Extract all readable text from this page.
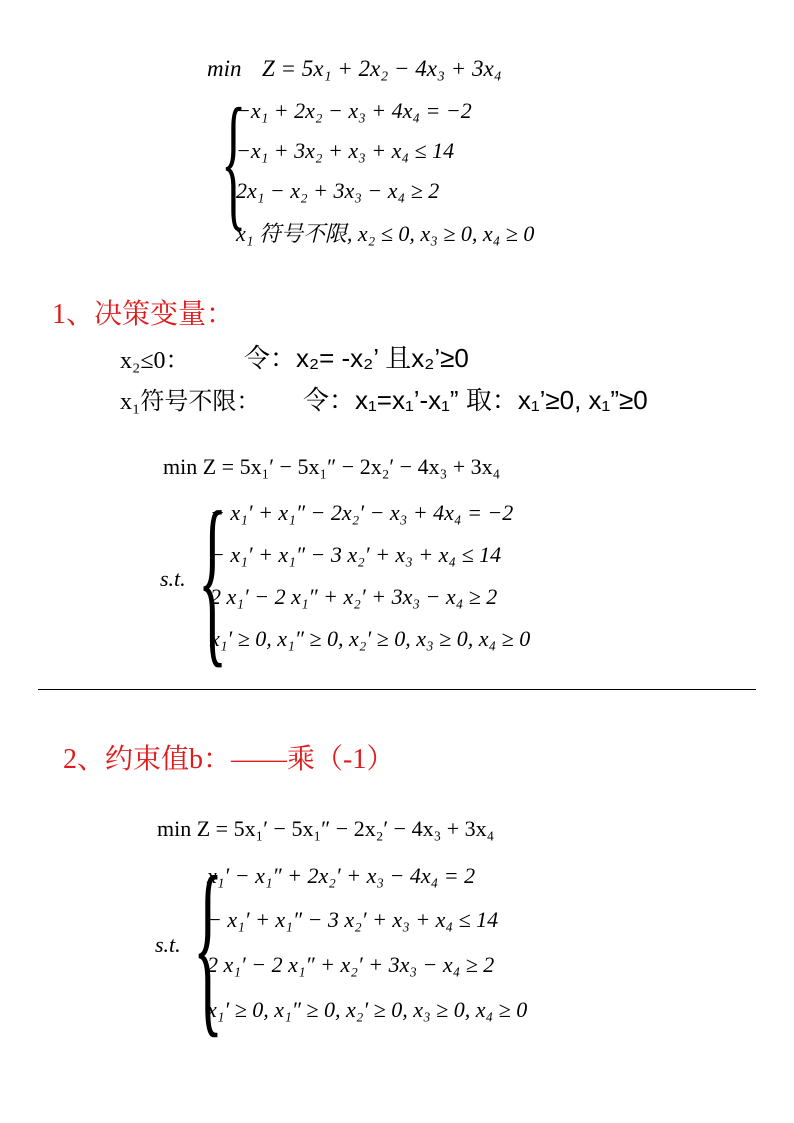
min Z = 5x₁ + 2x₂ − 4x₃ + 3x₄
{
−x₁ + 2x₂ − x₃ + 4x₄ = −2
−x₁ + 3x₂ + x₃ + x₄ ≤ 14
2x₁ − x₂ + 3x₃ − x₄ ≥ 2
x₁ 符号不限, x₂ ≤ 0, x₃ ≥ 0, x₄ ≥ 0
1、决策变量：
x₂≤0： 令：x₂= -x₂’ 且x₂’≥0
x₁符号不限： 令：x₁=x₁’-x₁” 取：x₁’≥0, x₁”≥0
min Z = 5x₁′ − 5x₁″ − 2x₂′ − 4x₃ + 3x₄
s.t. {
− x₁′ + x₁″ − 2x₂′ − x₃ + 4x₄ = −2
− x₁′ + x₁″ − 3 x₂′ + x₃ + x₄ ≤ 14
2 x₁′ − 2 x₁″ + x₂′ + 3x₃ − x₄ ≥ 2
x₁′ ≥ 0, x₁″ ≥ 0, x₂′ ≥ 0, x₃ ≥ 0, x₄ ≥ 0
2、约束值b：——乘（-1）
min Z = 5x₁′ − 5x₁″ − 2x₂′ − 4x₃ + 3x₄
s.t. {
x₁′ − x₁″ + 2x₂′ + x₃ − 4x₄ = 2
− x₁′ + x₁″ − 3 x₂′ + x₃ + x₄ ≤ 14
2 x₁′ − 2 x₁″ + x₂′ + 3x₃ − x₄ ≥ 2
x₁′ ≥ 0, x₁″ ≥ 0, x₂′ ≥ 0, x₃ ≥ 0, x₄ ≥ 0
